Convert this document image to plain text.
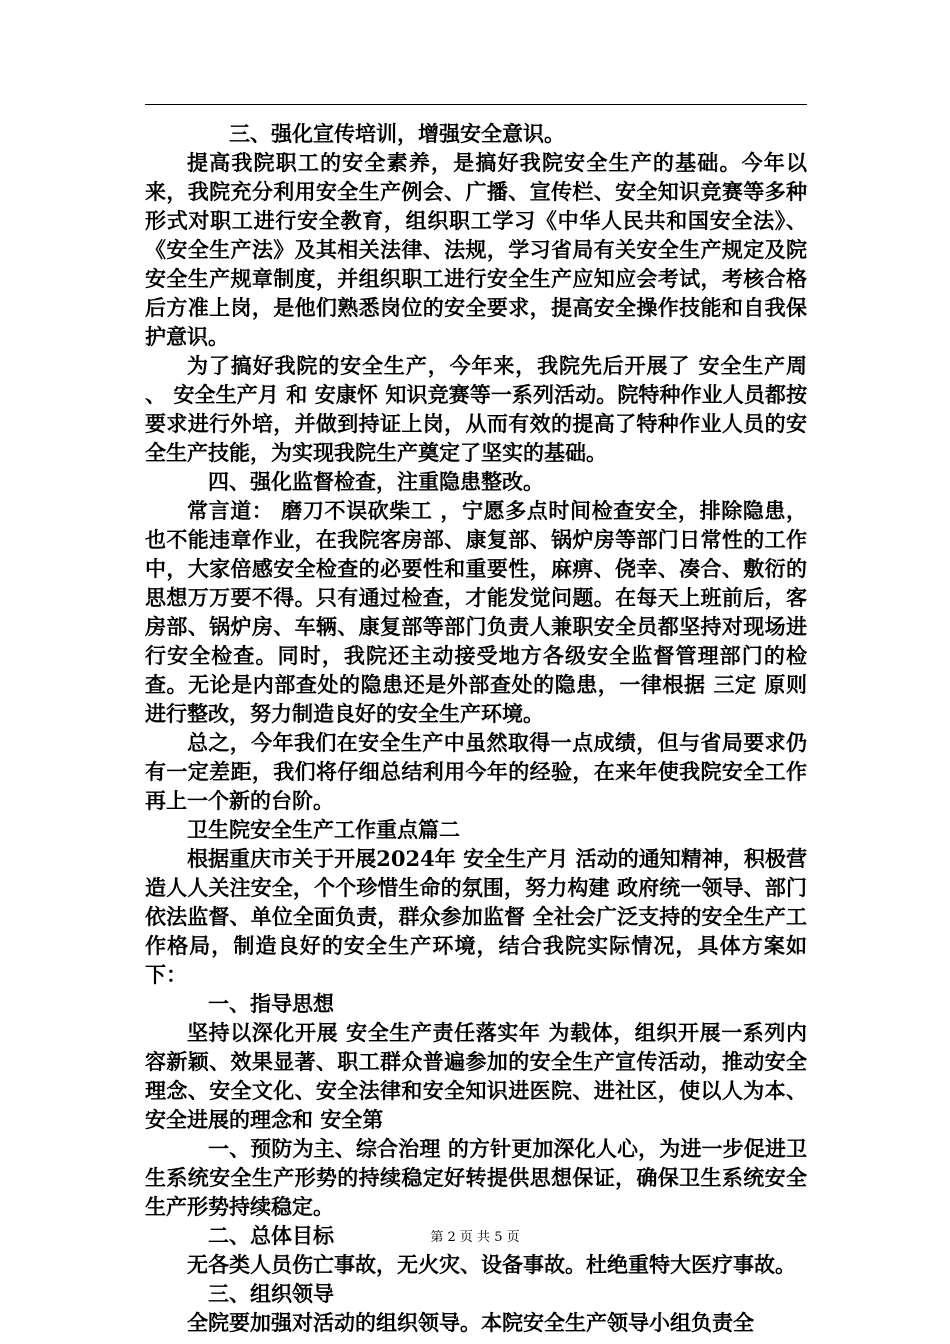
三、强化宣传培训，增强安全意识。

提高我院职工的安全素养，是搞好我院安全生产的基础。今年以来，我院充分利用安全生产例会、广播、宣传栏、安全知识竞赛等多种形式对职工进行安全教育，组织职工学习《中华人民共和国安全法》、《安全生产法》及其相关法律、法规，学习省局有关安全生产规定及院安全生产规章制度，并组织职工进行安全生产应知应会考试，考核合格后方准上岗，是他们熟悉岗位的安全要求，提高安全操作技能和自我保护意识。

为了搞好我院的安全生产，今年来，我院先后开展了 安全生产周 、 安全生产月 和 安康怀 知识竞赛等一系列活动。院特种作业人员都按要求进行外培，并做到持证上岗，从而有效的提高了特种作业人员的安全生产技能，为实现我院生产奠定了坚实的基础。

四、强化监督检查，注重隐患整改。

常言道： 磨刀不误砍柴工 ，宁愿多点时间检查安全，排除隐患，也不能违章作业，在我院客房部、康复部、锅炉房等部门日常性的工作中，大家倍感安全检查的必要性和重要性，麻痹、侥幸、凑合、敷衍的思想万万要不得。只有通过检查，才能发觉问题。在每天上班前后，客房部、锅炉房、车辆、康复部等部门负责人兼职安全员都坚持对现场进行安全检查。同时，我院还主动接受地方各级安全监督管理部门的检查。无论是内部查处的隐患还是外部查处的隐患，一律根据 三定 原则进行整改，努力制造良好的安全生产环境。

总之，今年我们在安全生产中虽然取得一点成绩，但与省局要求仍有一定差距，我们将仔细总结利用今年的经验，在来年使我院安全工作再上一个新的台阶。

卫生院安全生产工作重点篇二

根据重庆市关于开展2024年 安全生产月 活动的通知精神，积极营造人人关注安全，个个珍惜生命的氛围，努力构建 政府统一领导、部门依法监督、单位全面负责，群众参加监督 全社会广泛支持的安全生产工作格局，制造良好的安全生产环境，结合我院实际情况，具体方案如下：

一、指导思想

坚持以深化开展 安全生产责任落实年 为载体，组织开展一系列内容新颖、效果显著、职工群众普遍参加的安全生产宣传活动，推动安全理念、安全文化、安全法律和安全知识进医院、进社区，使以人为本、安全进展的理念和 安全第

一、预防为主、综合治理 的方针更加深化人心，为进一步促进卫生系统安全生产形势的持续稳定好转提供思想保证，确保卫生系统安全生产形势持续稳定。

二、总体目标

无各类人员伤亡事故，无火灾、设备事故。杜绝重特大医疗事故。

三、组织领导

全院要加强对活动的组织领导。本院安全生产领导小组负责全

第 2 页 共 5 页
